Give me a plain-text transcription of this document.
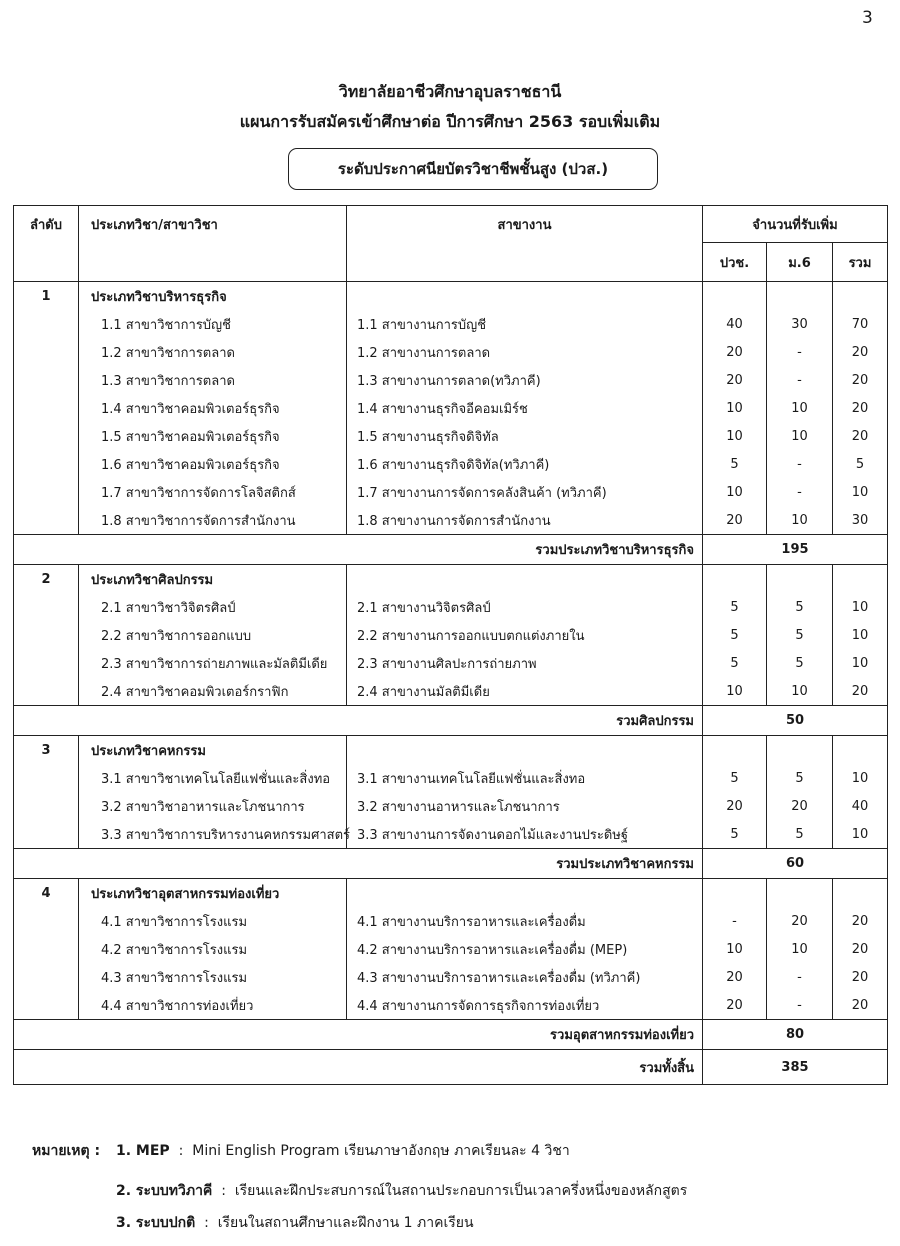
3
วิทยาลัยอาชีวศึกษาอุบลราชธานี
แผนการรับสมัครเข้าศึกษาต่อ ปีการศึกษา 2563 รอบเพิ่มเติม
ระดับประกาศนียบัตรวิชาชีพชั้นสูง (ปวส.)
ลำดับ	ประเภทวิชา/สาขาวิชา	สาขางาน	จำนวนที่รับเพิ่ม		
			ปวช.	ม.6	รวม
1	ประเภทวิชาบริหารธุรกิจ				
	1.1 สาขาวิชาการบัญชี	1.1 สาขางานการบัญชี	40	30	70
	1.2 สาขาวิชาการตลาด	1.2 สาขางานการตลาด	20	-	20
	1.3 สาขาวิชาการตลาด	1.3 สาขางานการตลาด(ทวิภาคี)	20	-	20
	1.4 สาขาวิชาคอมพิวเตอร์ธุรกิจ	1.4 สาขางานธุรกิจอีคอมเมิร์ช	10	10	20
	1.5 สาขาวิชาคอมพิวเตอร์ธุรกิจ	1.5 สาขางานธุรกิจดิจิทัล	10	10	20
	1.6 สาขาวิชาคอมพิวเตอร์ธุรกิจ	1.6 สาขางานธุรกิจดิจิทัล(ทวิภาคี)	5	-	5
	1.7 สาขาวิชาการจัดการโลจิสติกส์	1.7 สาขางานการจัดการคลังสินค้า (ทวิภาคี)	10	-	10
	1.8 สาขาวิชาการจัดการสำนักงาน	1.8 สาขางานการจัดการสำนักงาน	20	10	30
รวมประเภทวิชาบริหารธุรกิจ			195		
2	ประเภทวิชาศิลปกรรม				
	2.1 สาขาวิชาวิจิตรศิลป์	2.1 สาขางานวิจิตรศิลป์	5	5	10
	2.2 สาขาวิชาการออกแบบ	2.2 สาขางานการออกแบบตกแต่งภายใน	5	5	10
	2.3 สาขาวิชาการถ่ายภาพและมัลติมีเดีย	2.3 สาขางานศิลปะการถ่ายภาพ	5	5	10
	2.4 สาขาวิชาคอมพิวเตอร์กราฟิก	2.4 สาขางานมัลติมีเดีย	10	10	20
รวมศิลปกรรม			50		
3	ประเภทวิชาคหกรรม				
	3.1 สาขาวิชาเทคโนโลยีแฟชั่นและสิ่งทอ	3.1 สาขางานเทคโนโลยีแฟชั่นและสิ่งทอ	5	5	10
	3.2 สาขาวิชาอาหารและโภชนาการ	3.2 สาขางานอาหารและโภชนาการ	20	20	40
	3.3 สาขาวิชาการบริหารงานคหกรรมศาสตร์	3.3 สาขางานการจัดงานดอกไม้และงานประดิษฐ์	5	5	10
รวมประเภทวิชาคหกรรม			60		
4	ประเภทวิชาอุตสาหกรรมท่องเที่ยว				
	4.1 สาขาวิชาการโรงแรม	4.1 สาขางานบริการอาหารและเครื่องดื่ม	-	20	20
	4.2 สาขาวิชาการโรงแรม	4.2 สาขางานบริการอาหารและเครื่องดื่ม (MEP)	10	10	20
	4.3 สาขาวิชาการโรงแรม	4.3 สาขางานบริการอาหารและเครื่องดื่ม (ทวิภาคี)	20	-	20
	4.4 สาขาวิชาการท่องเที่ยว	4.4 สาขางานการจัดการธุรกิจการท่องเที่ยว	20	-	20
รวมอุตสาหกรรมท่องเที่ยว			80		
รวมทั้งสิ้น			385		
หมายเหตุ : 1. MEP : Mini English Program เรียนภาษาอังกฤษ ภาคเรียนละ 4 วิชา
2. ระบบทวิภาคี : เรียนและฝึกประสบการณ์ในสถานประกอบการเป็นเวลาครึ่งหนึ่งของหลักสูตร
3. ระบบปกติ : เรียนในสถานศึกษาและฝึกงาน 1 ภาคเรียน
